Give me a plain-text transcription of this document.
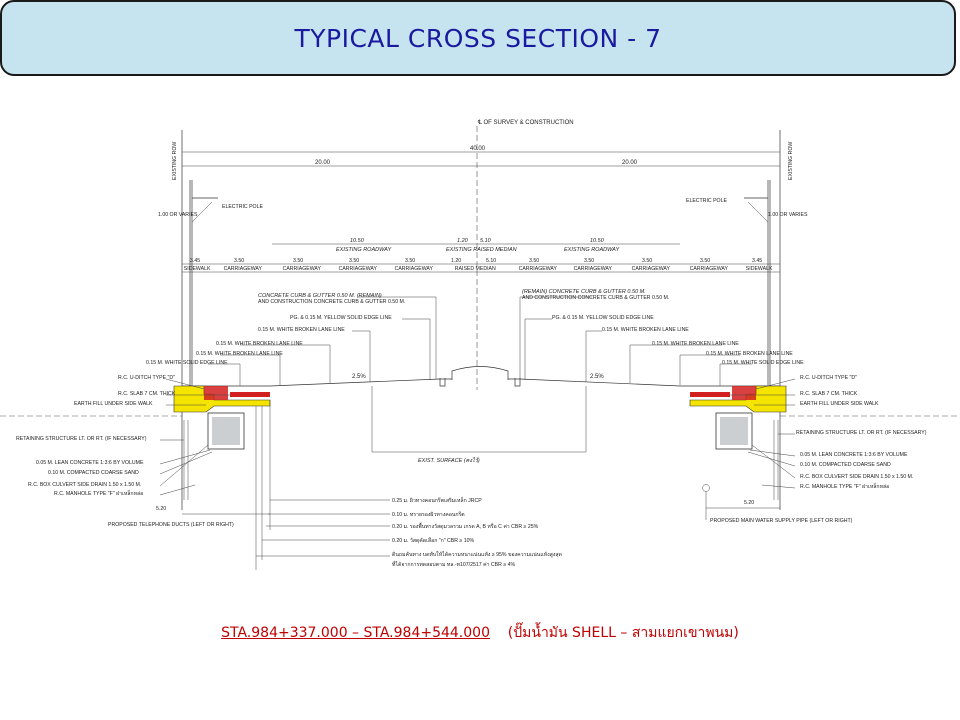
TYPICAL CROSS SECTION - 7
℄ OF SURVEY & CONSTRUCTION
EXISTING ROW	EXISTING ROW
40.00
20.00	20.00
ELECTRIC POLE
1.00 OR VARIES
ELECTRIC POLE
1.00 OR VARIES
10.50
EXISTING ROADWAY
1.20 5.10
EXISTING RAISED MEDIAN
10.50
EXISTING ROADWAY
3.45	3.50	3.50	3.50	3.50	1.20	5.10	3.50	3.50	3.50	3.50	3.45
SIDEWALK	CARRIAGEWAY	CARRIAGEWAY	CARRIAGEWAY	CARRIAGEWAY	RAISED MEDIAN	CARRIAGEWAY	CARRIAGEWAY	CARRIAGEWAY	CARRIAGEWAY	SIDEWALK
2.5%	2.5%
EXIST. SURFACE (คงไว้)
CONCRETE CURB & GUTTER 0.50 M. (REMAIN)
AND CONSTRUCTION CONCRETE CURB & GUTTER 0.50 M.
PG. & 0.15 M. YELLOW SOLID EDGE LINE
0.15 M. WHITE BROKEN LANE LINE
0.15 M. WHITE BROKEN LANE LINE
0.15 M. WHITE BROKEN LANE LINE
0.15 M. WHITE SOLID EDGE LINE
R.C. U-DITCH TYPE "D"
R.C. SLAB 7 CM. THICK
EARTH FILL UNDER SIDE WALK
RETAINING STRUCTURE LT. OR RT. (IF NECESSARY)
0.05 M. LEAN CONCRETE 1:3:6 BY VOLUME
0.10 M. COMPACTED COARSE SAND
R.C. BOX CULVERT SIDE DRAIN 1.50 x 1.50 M.
R.C. MANHOLE TYPE "F" ฝาเหล็กหล่อ
5.20
PROPOSED TELEPHONE DUCTS (LEFT OR RIGHT)
(REMAIN) CONCRETE CURB & GUTTER 0.50 M.
AND CONSTRUCTION CONCRETE CURB & GUTTER 0.50 M.
PG. & 0.15 M. YELLOW SOLID EDGE LINE
0.15 M. WHITE BROKEN LANE LINE
0.15 M. WHITE BROKEN LANE LINE
0.15 M. WHITE BROKEN LANE LINE
0.15 M. WHITE SOLID EDGE LINE
R.C. U-DITCH TYPE "D"
R.C. SLAB 7 CM. THICK
EARTH FILL UNDER SIDE WALK
RETAINING STRUCTURE LT. OR RT. (IF NECESSARY)
0.05 M. LEAN CONCRETE 1:3:6 BY VOLUME
0.10 M. COMPACTED COARSE SAND
R.C. BOX CULVERT SIDE DRAIN 1.50 x 1.50 M.
R.C. MANHOLE TYPE "F" ฝาเหล็กหล่อ
5.20
PROPOSED MAIN WATER SUPPLY PIPE (LEFT OR RIGHT)
0.25 ม. ผิวทางคอนกรีตเสริมเหล็ก JRCP
0.10 ม. ทรายรองผิวทางคอนกรีต
0.20 ม. รองพื้นทางวัสดุมวลรวม เกรด A, B หรือ C ค่า CBR ≥ 25%
0.20 ม. วัสดุคัดเลือก "ก" CBR ≥ 10%
ดินถมคันทาง บดทับให้ได้ความหนาแน่นแห้ง ≥ 95% ของความแน่นแห้งสูงสุด
ที่ได้จากการทดสอบตาม ทล.-ท107/2517 ค่า CBR ≥ 4%
STA.984+337.000 – STA.984+544.000 (ปั๊มน้ำมัน SHELL – สามแยกเขาพนม)
